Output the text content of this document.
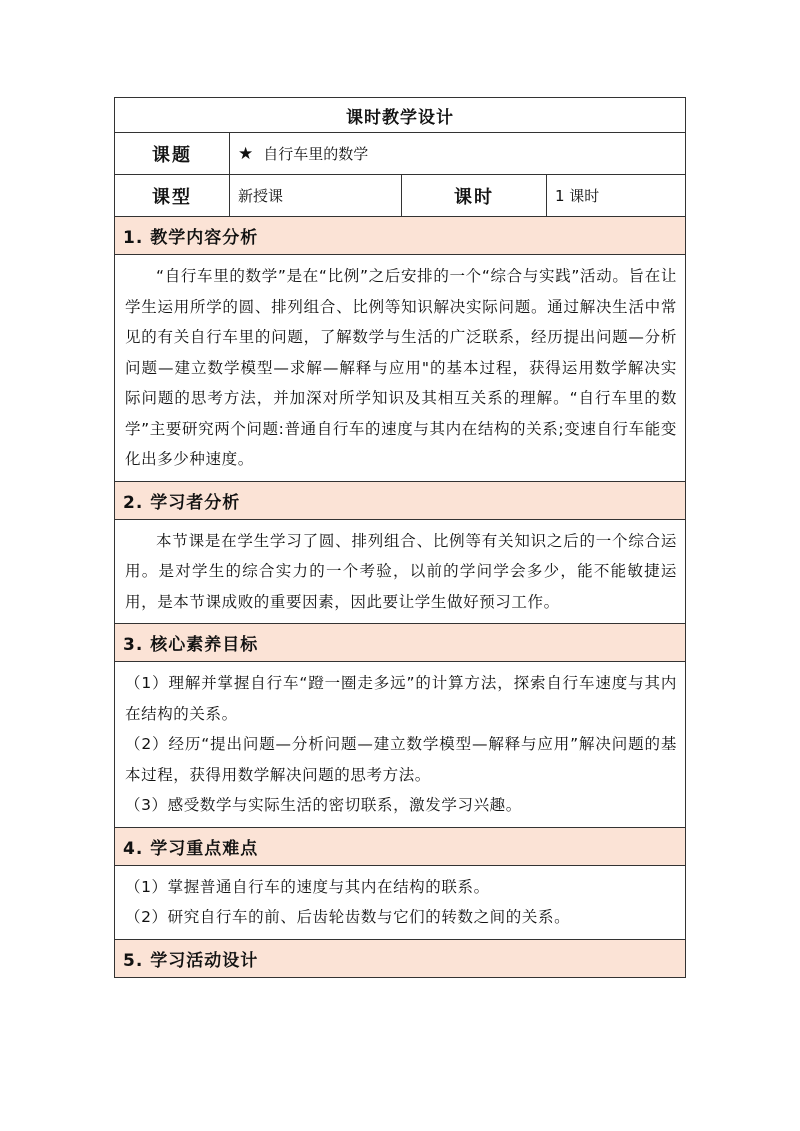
课时教学设计			
课题	★ 自行车里的数学		
课型	新授课	课时	1 课时
1. 教学内容分析			

“自行车里的数学”是在“比例”之后安排的一个“综合与实践”活动。旨在让学生运用所学的圆、排列组合、比例等知识解决实际问题。通过解决生活中常见的有关自行车里的问题，了解数学与生活的广泛联系，经历提出问题—分析问题—建立数学模型—求解—解释与应用"的基本过程，获得运用数学解决实际问题的思考方法，并加深对所学知识及其相互关系的理解。“自行车里的数学”主要研究两个问题:普通自行车的速度与其内在结构的关系;变速自行车能变化出多少种速度。			

2. 学习者分析			

本节课是在学生学习了圆、排列组合、比例等有关知识之后的一个综合运用。是对学生的综合实力的一个考验，以前的学问学会多少，能不能敏捷运用，是本节课成败的重要因素，因此要让学生做好预习工作。			

3. 核心素养目标			

（1）理解并掌握自行车“蹬一圈走多远”的计算方法，探索自行车速度与其内在结构的关系。

（2）经历“提出问题—分析问题—建立数学模型—解释与应用”解决问题的基本过程，获得用数学解决问题的思考方法。

（3）感受数学与实际生活的密切联系，激发学习兴趣。			

4. 学习重点难点			

（1）掌握普通自行车的速度与其内在结构的联系。

（2）研究自行车的前、后齿轮齿数与它们的转数之间的关系。			

5. 学习活动设计			
